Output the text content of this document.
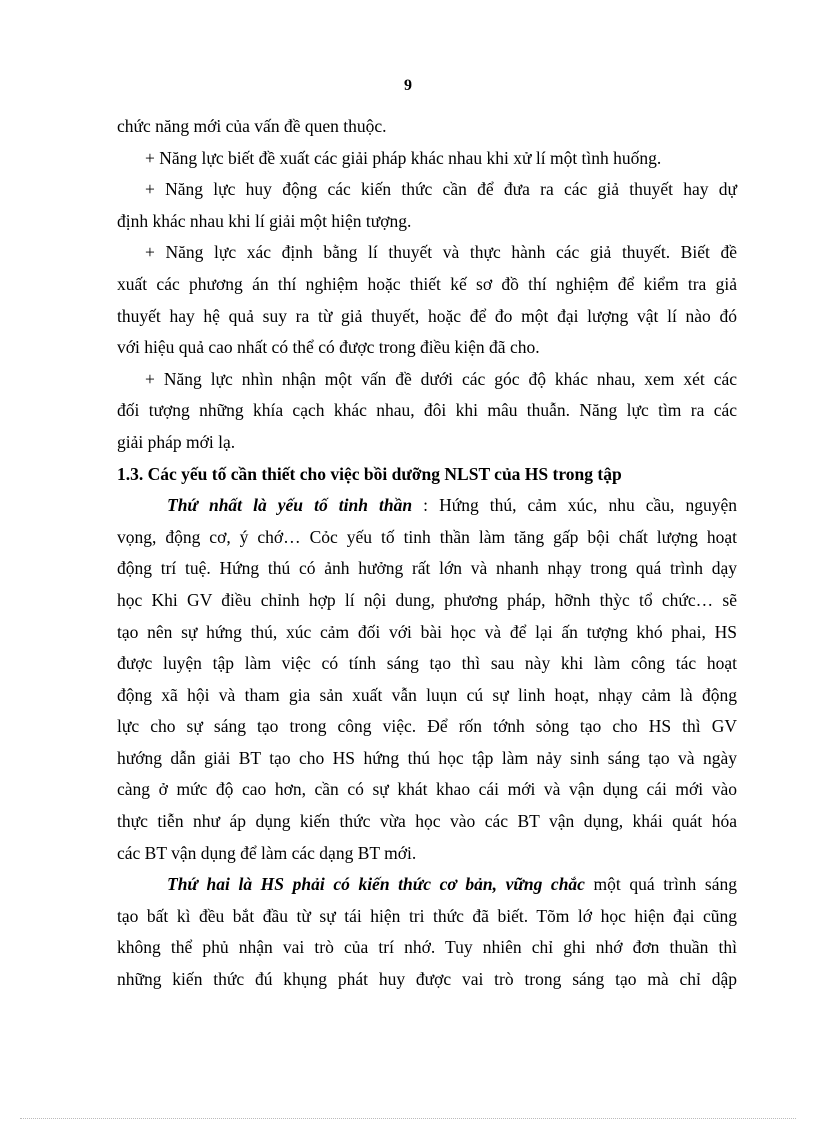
9

chức năng mới của vấn đề quen thuộc.

+ Năng lực biết đề xuất các giải pháp khác nhau khi xử lí một tình huống.

+ Năng lực huy động các kiến thức cần để đưa ra các giả thuyết hay dự
định khác nhau khi lí giải một hiện tượng.

+ Năng lực xác định bằng lí thuyết và thực hành các giả thuyết. Biết đề
xuất các phương án thí nghiệm hoặc thiết kế sơ đồ thí nghiệm để kiểm tra giả
thuyết hay hệ quả suy ra từ giả thuyết, hoặc để đo một đại lượng vật lí nào đó
với hiệu quả cao nhất có thể có được trong điều kiện đã cho.

+ Năng lực nhìn nhận một vấn đề dưới các góc độ khác nhau, xem xét các
đối tượng những khía cạch khác nhau, đôi khi mâu thuẫn. Năng lực tìm ra các
giải pháp mới lạ.

1.3. Các yếu tố cần thiết cho việc bồi dưỡng NLST của HS trong tập

Thứ nhất là yếu tố tinh thần : Hứng thú, cảm xúc, nhu cầu, nguyện
vọng, động cơ, ý chớ… Cỏc yếu tố tinh thần làm tăng gấp bội chất lượng hoạt
động trí tuệ. Hứng thú có ảnh hưởng rất lớn và nhanh nhạy trong quá trình dạy
học Khi GV điều chỉnh hợp lí nội dung, phương pháp, hỡnh thỳc tổ chức… sẽ
tạo nên sự hứng thú, xúc cảm đối với bài học và để lại ấn tượng khó phai, HS
được luyện tập làm việc có tính sáng tạo thì sau này khi làm công tác hoạt
động xã hội và tham gia sản xuất vẫn luụn cú sự linh hoạt, nhạy cảm là động
lực cho sự sáng tạo trong công việc. Để rốn tớnh sỏng tạo cho HS thì GV
hướng dẫn giải BT tạo cho HS hứng thú học tập làm nảy sinh sáng tạo và ngày
càng ở mức độ cao hơn, cần có sự khát khao cái mới và vận dụng cái mới vào
thực tiễn như áp dụng kiến thức vừa học vào các BT vận dụng, khái quát hóa
các BT vận dụng để làm các dạng BT mới.

Thứ hai là HS phải có kiến thức cơ bản, vững chắc một quá trình sáng
tạo bất kì đều bắt đầu từ sự tái hiện tri thức đã biết. Tõm lớ học hiện đại cũng
không thể phủ nhận vai trò của trí nhớ. Tuy nhiên chỉ ghi nhớ đơn thuần thì
những kiến thức đú khụng phát huy được vai trò trong sáng tạo mà chỉ dập
